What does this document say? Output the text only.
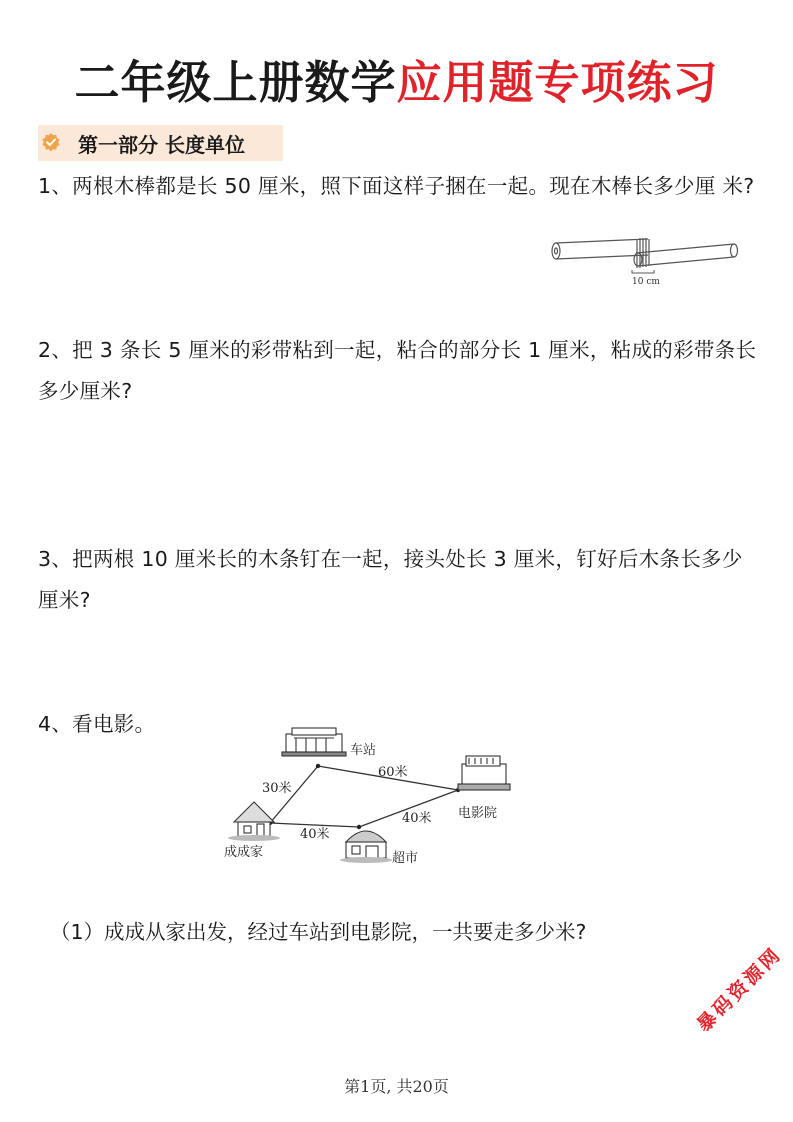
二年级上册数学应用题专项练习
第一部分 长度单位
1、两根木棒都是长 50 厘米，照下面这样子捆在一起。现在木棒长多少厘 米?
10 cm
2、把 3 条长 5 厘米的彩带粘到一起，粘合的部分长 1 厘米，粘成的彩带条长多少厘米?
3、把两根 10 厘米长的木条钉在一起，接头处长 3 厘米，钉好后木条长多少厘米?
4、看电影。
车站
电影院
成成家	超市
30米
60米
40米
40米
（1）成成从家出发，经过车站到电影院，一共要走多少米?
暴码资源网
第1页, 共20页
